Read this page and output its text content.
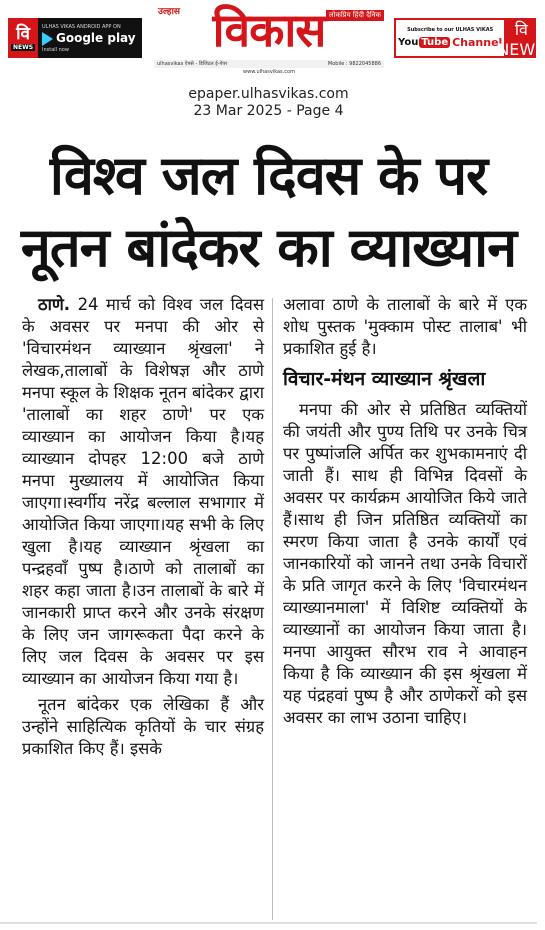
वि
NEWS
ULHAS VIKAS ANDROID APP ON
Google play
Install now
उल्हास विकास लोकप्रिय हिंदी दैनिक
ulhasvikas ऐपसे - डिजिटल ई-पेपर	Mobile : 9822045886
www.ulhasvikas.com
Subscribe to our ULHAS VIKAS
You Tube Channel
वि
NEWS
epaper.ulhasvikas.com
23 Mar 2025 - Page 4
विश्व जल दिवस के पर
नूतन बांदेकर का व्याख्यान

ठाणे. 24 मार्च को विश्व जल दिवस के अवसर पर मनपा की ओर से 'विचारमंथन व्याख्यान श्रृंखला' ने लेखक,तालाबों के विशेषज्ञ और ठाणे मनपा स्कूल के शिक्षक नूतन बांदेकर द्वारा 'तालाबों का शहर ठाणे' पर एक व्याख्यान का आयोजन किया है।यह व्याख्यान दोपहर 12:00 बजे ठाणे मनपा मुख्यालय में आयोजित किया जाएगा।स्वर्गीय नरेंद्र बल्लाल सभागार में आयोजित किया जाएगा।यह सभी के लिए खुला है।यह व्याख्यान श्रृंखला का पन्द्रहवाँ पुष्प है।ठाणे को तालाबों का शहर कहा जाता है।उन तालाबों के बारे में जानकारी प्राप्त करने और उनके संरक्षण के लिए जन जागरूकता पैदा करने के लिए जल दिवस के अवसर पर इस व्याख्यान का आयोजन किया गया है।

नूतन बांदेकर एक लेखिका हैं और उन्होंने साहित्यिक कृतियों के चार संग्रह प्रकाशित किए हैं। इसके

अलावा ठाणे के तालाबों के बारे में एक शोध पुस्तक 'मुक्काम पोस्ट तालाब' भी प्रकाशित हुई है।

विचार-मंथन व्याख्यान श्रृंखला

मनपा की ओर से प्रतिष्ठित व्यक्तियों की जयंती और पुण्य तिथि पर उनके चित्र पर पुष्पांजलि अर्पित कर शुभकामनाएं दी जाती हैं। साथ ही विभिन्न दिवसों के अवसर पर कार्यक्रम आयोजित किये जाते हैं।साथ ही जिन प्रतिष्ठित व्यक्तियों का स्मरण किया जाता है उनके कार्यों एवं जानकारियों को जानने तथा उनके विचारों के प्रति जागृत करने के लिए 'विचारमंथन व्याख्यानमाला' में विशिष्ट व्यक्तियों के व्याख्यानों का आयोजन किया जाता है।मनपा आयुक्त सौरभ राव ने आवाहन किया है कि व्याख्यान की इस श्रृंखला में यह पंद्रहवां पुष्प है और ठाणेकरों को इस अवसर का लाभ उठाना चाहिए।
